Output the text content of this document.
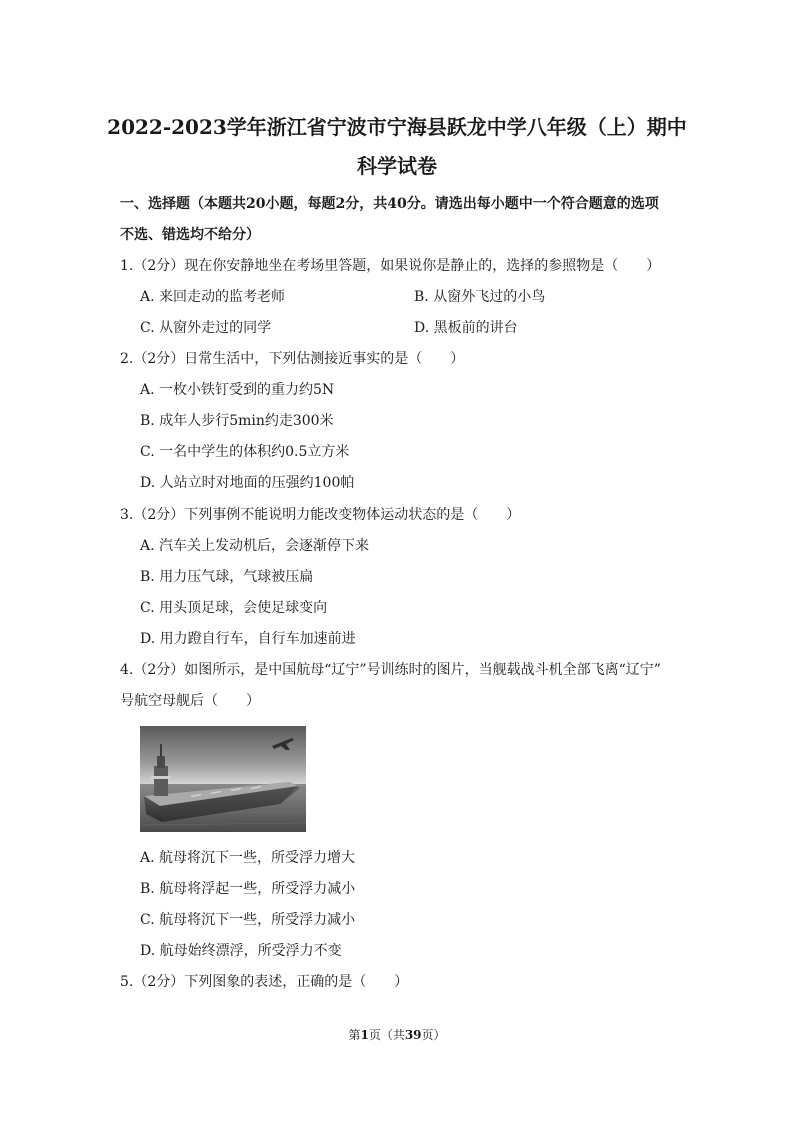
2022-2023学年浙江省宁波市宁海县跃龙中学八年级（上）期中
科学试卷
一、选择题（本题共20小题，每题2分，共40分。请选出每小题中一个符合题意的选项
不选、错选均不给分）
1.（2分）现在你安静地坐在考场里答题，如果说你是静止的，选择的参照物是（　　）
A. 来回走动的监考老师	B. 从窗外飞过的小鸟
C. 从窗外走过的同学	D. 黑板前的讲台
2.（2分）日常生活中，下列估测接近事实的是（　　）
A. 一枚小铁钉受到的重力约5N
B. 成年人步行5min约走300米
C. 一名中学生的体积约0.5立方米
D. 人站立时对地面的压强约100帕
3.（2分）下列事例不能说明力能改变物体运动状态的是（　　）
A. 汽车关上发动机后，会逐渐停下来
B. 用力压气球，气球被压扁
C. 用头顶足球，会使足球变向
D. 用力蹬自行车，自行车加速前进
4.（2分）如图所示，是中国航母“辽宁”号训练时的图片，当舰载战斗机全部飞离“辽宁”
号航空母舰后（　　）
A. 航母将沉下一些，所受浮力增大
B. 航母将浮起一些，所受浮力减小
C. 航母将沉下一些，所受浮力减小
D. 航母始终漂浮，所受浮力不变
5.（2分）下列图象的表述，正确的是（　　）
第1页（共39页）
